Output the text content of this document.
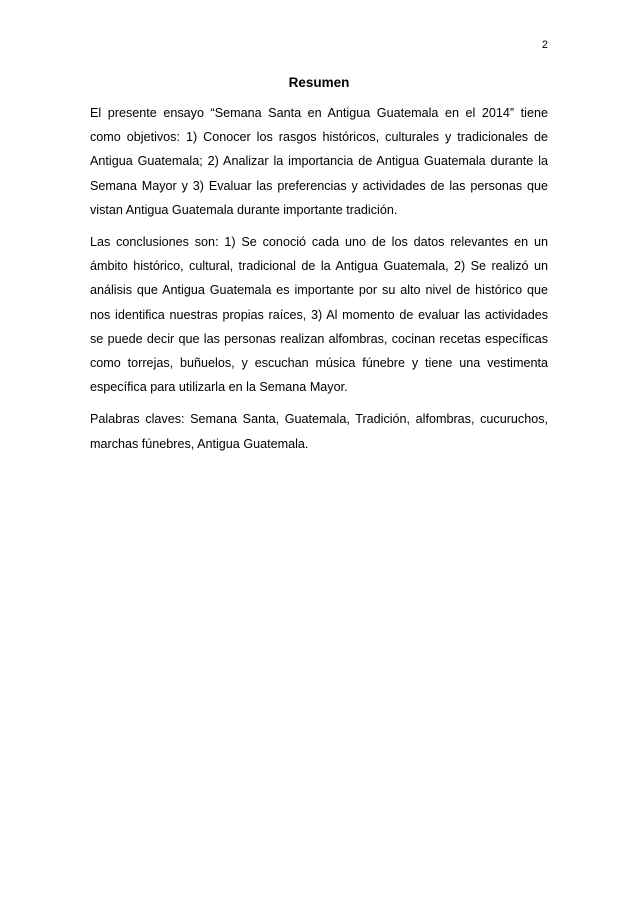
2
Resumen

El presente ensayo “Semana Santa en Antigua Guatemala en el 2014” tiene como objetivos: 1) Conocer los rasgos históricos, culturales y tradicionales de Antigua Guatemala; 2) Analizar la importancia de Antigua Guatemala durante la Semana Mayor y 3) Evaluar las preferencias y actividades de las personas que vistan Antigua Guatemala durante importante tradición.

Las conclusiones son: 1) Se conoció cada uno de los datos relevantes en un ámbito histórico, cultural, tradicional de la Antigua Guatemala, 2) Se realizó un análisis que Antigua Guatemala es importante por su alto nivel de histórico que nos identifica nuestras propias raíces, 3) Al momento de evaluar las actividades se puede decir que las personas realizan alfombras, cocinan recetas específicas como torrejas, buñuelos, y escuchan música fúnebre y tiene una vestimenta específica para utilizarla en la Semana Mayor.

Palabras claves: Semana Santa, Guatemala, Tradición, alfombras, cucuruchos, marchas fúnebres, Antigua Guatemala.
